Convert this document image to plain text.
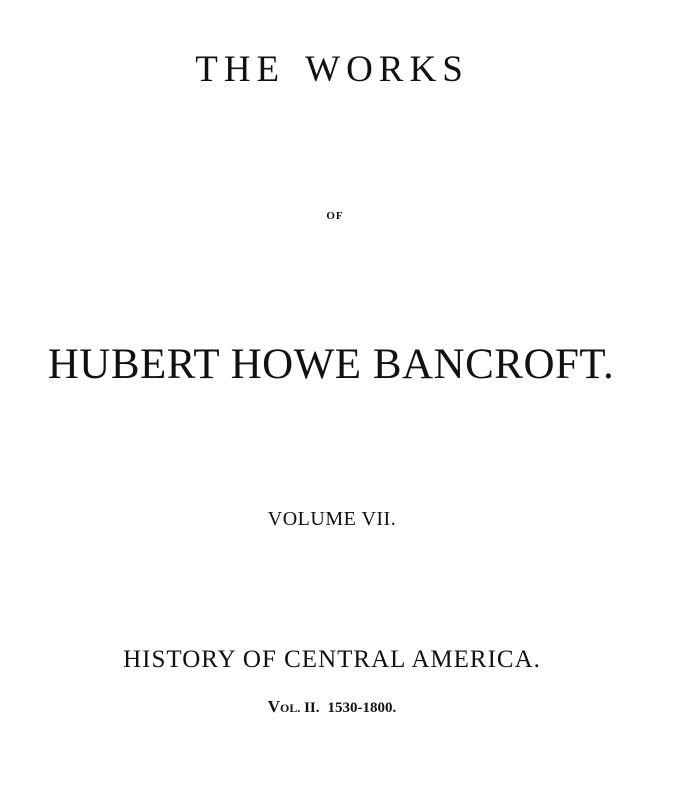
THE WORKS
OF
HUBERT HOWE BANCROFT.
VOLUME VII.
HISTORY OF CENTRAL AMERICA.
VOL. II. 1530-1800.
